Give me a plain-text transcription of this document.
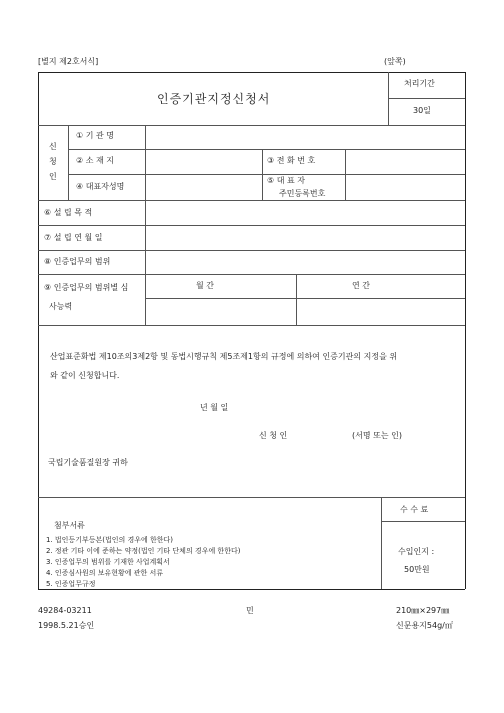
[별지 제2호서식]	(앞쪽)
인증기관지정신청서
처리기간
30일
신
청
인
① 기 관 명
② 소 재 지	③ 전 화 번 호
④ 대표자성명
⑤ 대 표 자
주민등록번호
⑥ 설 립 목 적
⑦ 설 립 연 월 일
⑧ 인증업무의 범위
⑨ 인증업무의 범위별 심
사능력
월 간	연 간
산업표준화법 제10조의3제2항 및 동법시행규칙 제5조제1항의 규정에 의하여 인증기관의 지정을 위
와 같이 신청합니다.
년 월 일
신 청 인	(서명 또는 인)
국립기술품질원장 귀하
첨부서류
1. 법인등기부등본(법인의 경우에 한한다)
2. 정관 기타 이에 준하는 약정(법인 기타 단체의 경우에 한한다)
3. 인증업무의 범위를 기재한 사업계획서
4. 인증심사원의 보유현황에 관한 서류
5. 인증업무규정
수 수 료
수입인지 :
50만원
49284-03211
1998.5.21승인
민	210㎜×297㎜
신문용지54g/㎡
